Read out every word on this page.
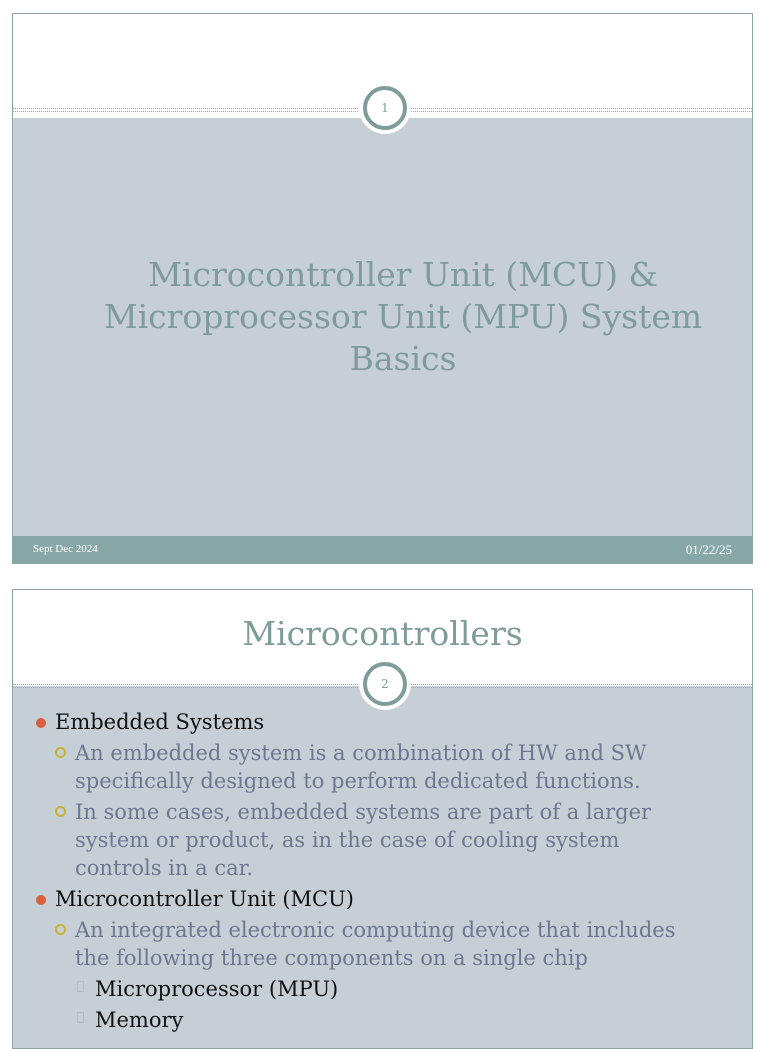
1
Microcontroller Unit (MCU) &
Microprocessor Unit (MPU) System
Basics
Sept Dec 2024	01/22/25
Microcontrollers
2
Embedded Systems
An embedded system is a combination of HW and SW
specifically designed to perform dedicated functions.
In some cases, embedded systems are part of a larger
system or product, as in the case of cooling system
controls in a car.
Microcontroller Unit (MCU)
An integrated electronic computing device that includes
the following three components on a single chip
Microprocessor (MPU)
Memory
